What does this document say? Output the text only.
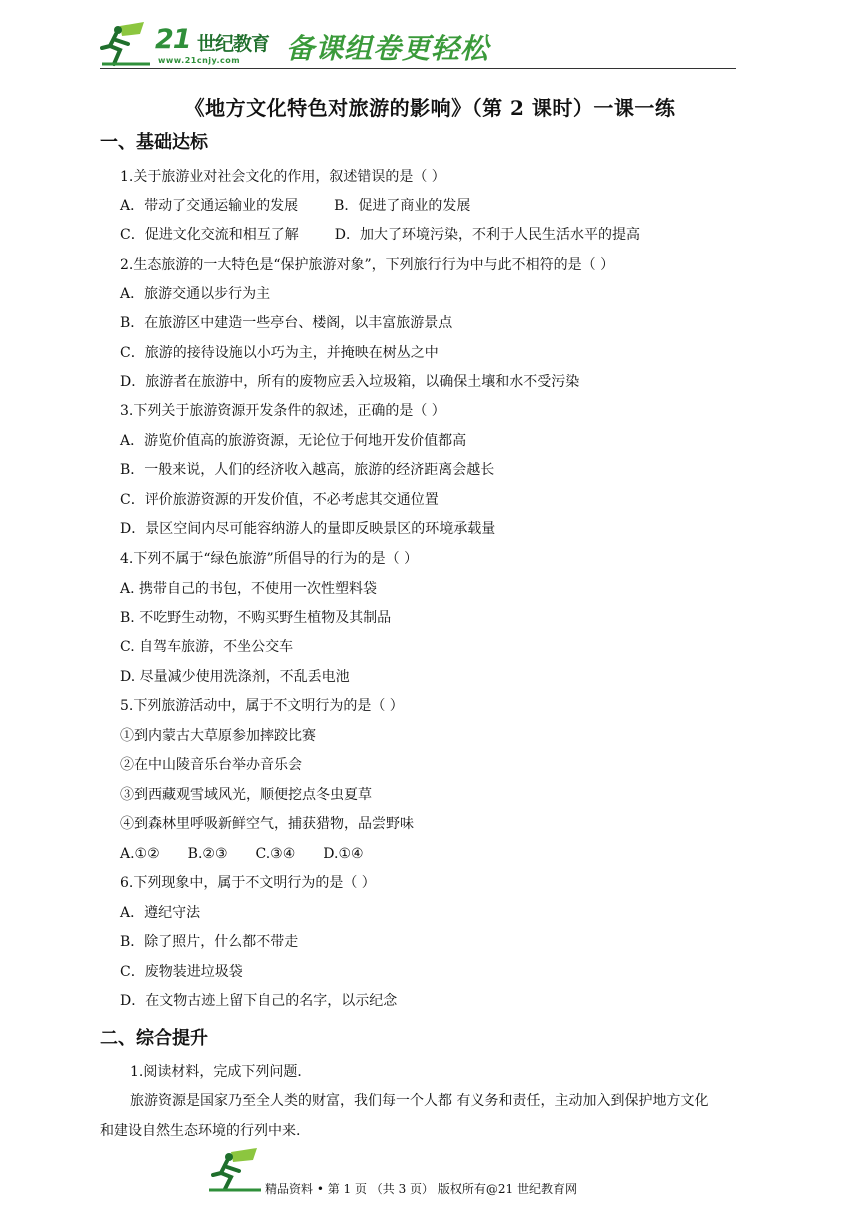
21 世纪教育
www.21cnjy.com 备课组卷更轻松
《地方文化特色对旅游的影响》（第 2 课时）一课一练
一、基础达标
1.关于旅游业对社会文化的作用，叙述错误的是（ ）
A．带动了交通运输业的发展	B．促进了商业的发展
C．促进文化交流和相互了解	D．加大了环境污染，不利于人民生活水平的提高
2.生态旅游的一大特色是“保护旅游对象”，下列旅行行为中与此不相符的是（ ）
A．旅游交通以步行为主
B．在旅游区中建造一些亭台、楼阁，以丰富旅游景点
C．旅游的接待设施以小巧为主，并掩映在树丛之中
D．旅游者在旅游中，所有的废物应丢入垃圾箱，以确保土壤和水不受污染
3.下列关于旅游资源开发条件的叙述，正确的是（ ）
A．游览价值高的旅游资源，无论位于何地开发价值都高
B．一般来说，人们的经济收入越高，旅游的经济距离会越长
C．评价旅游资源的开发价值，不必考虑其交通位置
D．景区空间内尽可能容纳游人的量即反映景区的环境承载量
4.下列不属于“绿色旅游”所倡导的行为的是（ ）
A. 携带自己的书包，不使用一次性塑料袋
B. 不吃野生动物，不购买野生植物及其制品
C. 自驾车旅游，不坐公交车
D. 尽量减少使用洗涤剂，不乱丢电池
5.下列旅游活动中，属于不文明行为的是（ ）
①到内蒙古大草原参加摔跤比赛
②在中山陵音乐台举办音乐会
③到西藏观雪域风光，顺便挖点冬虫夏草
④到森林里呼吸新鲜空气，捕获猎物，品尝野味
A.①② B.②③ C.③④ D.①④
6.下列现象中，属于不文明行为的是（ ）
A．遵纪守法
B．除了照片，什么都不带走
C．废物装进垃圾袋
D．在文物古迹上留下自己的名字，以示纪念
二、综合提升
1.阅读材料，完成下列问题．
旅游资源是国家乃至全人类的财富，我们每一个人都 有义务和责任，主动加入到保护地方文化
和建设自然生态环境的行列中来.
精品资料 • 第 1 页 （共 3 页） 版权所有@21 世纪教育网
